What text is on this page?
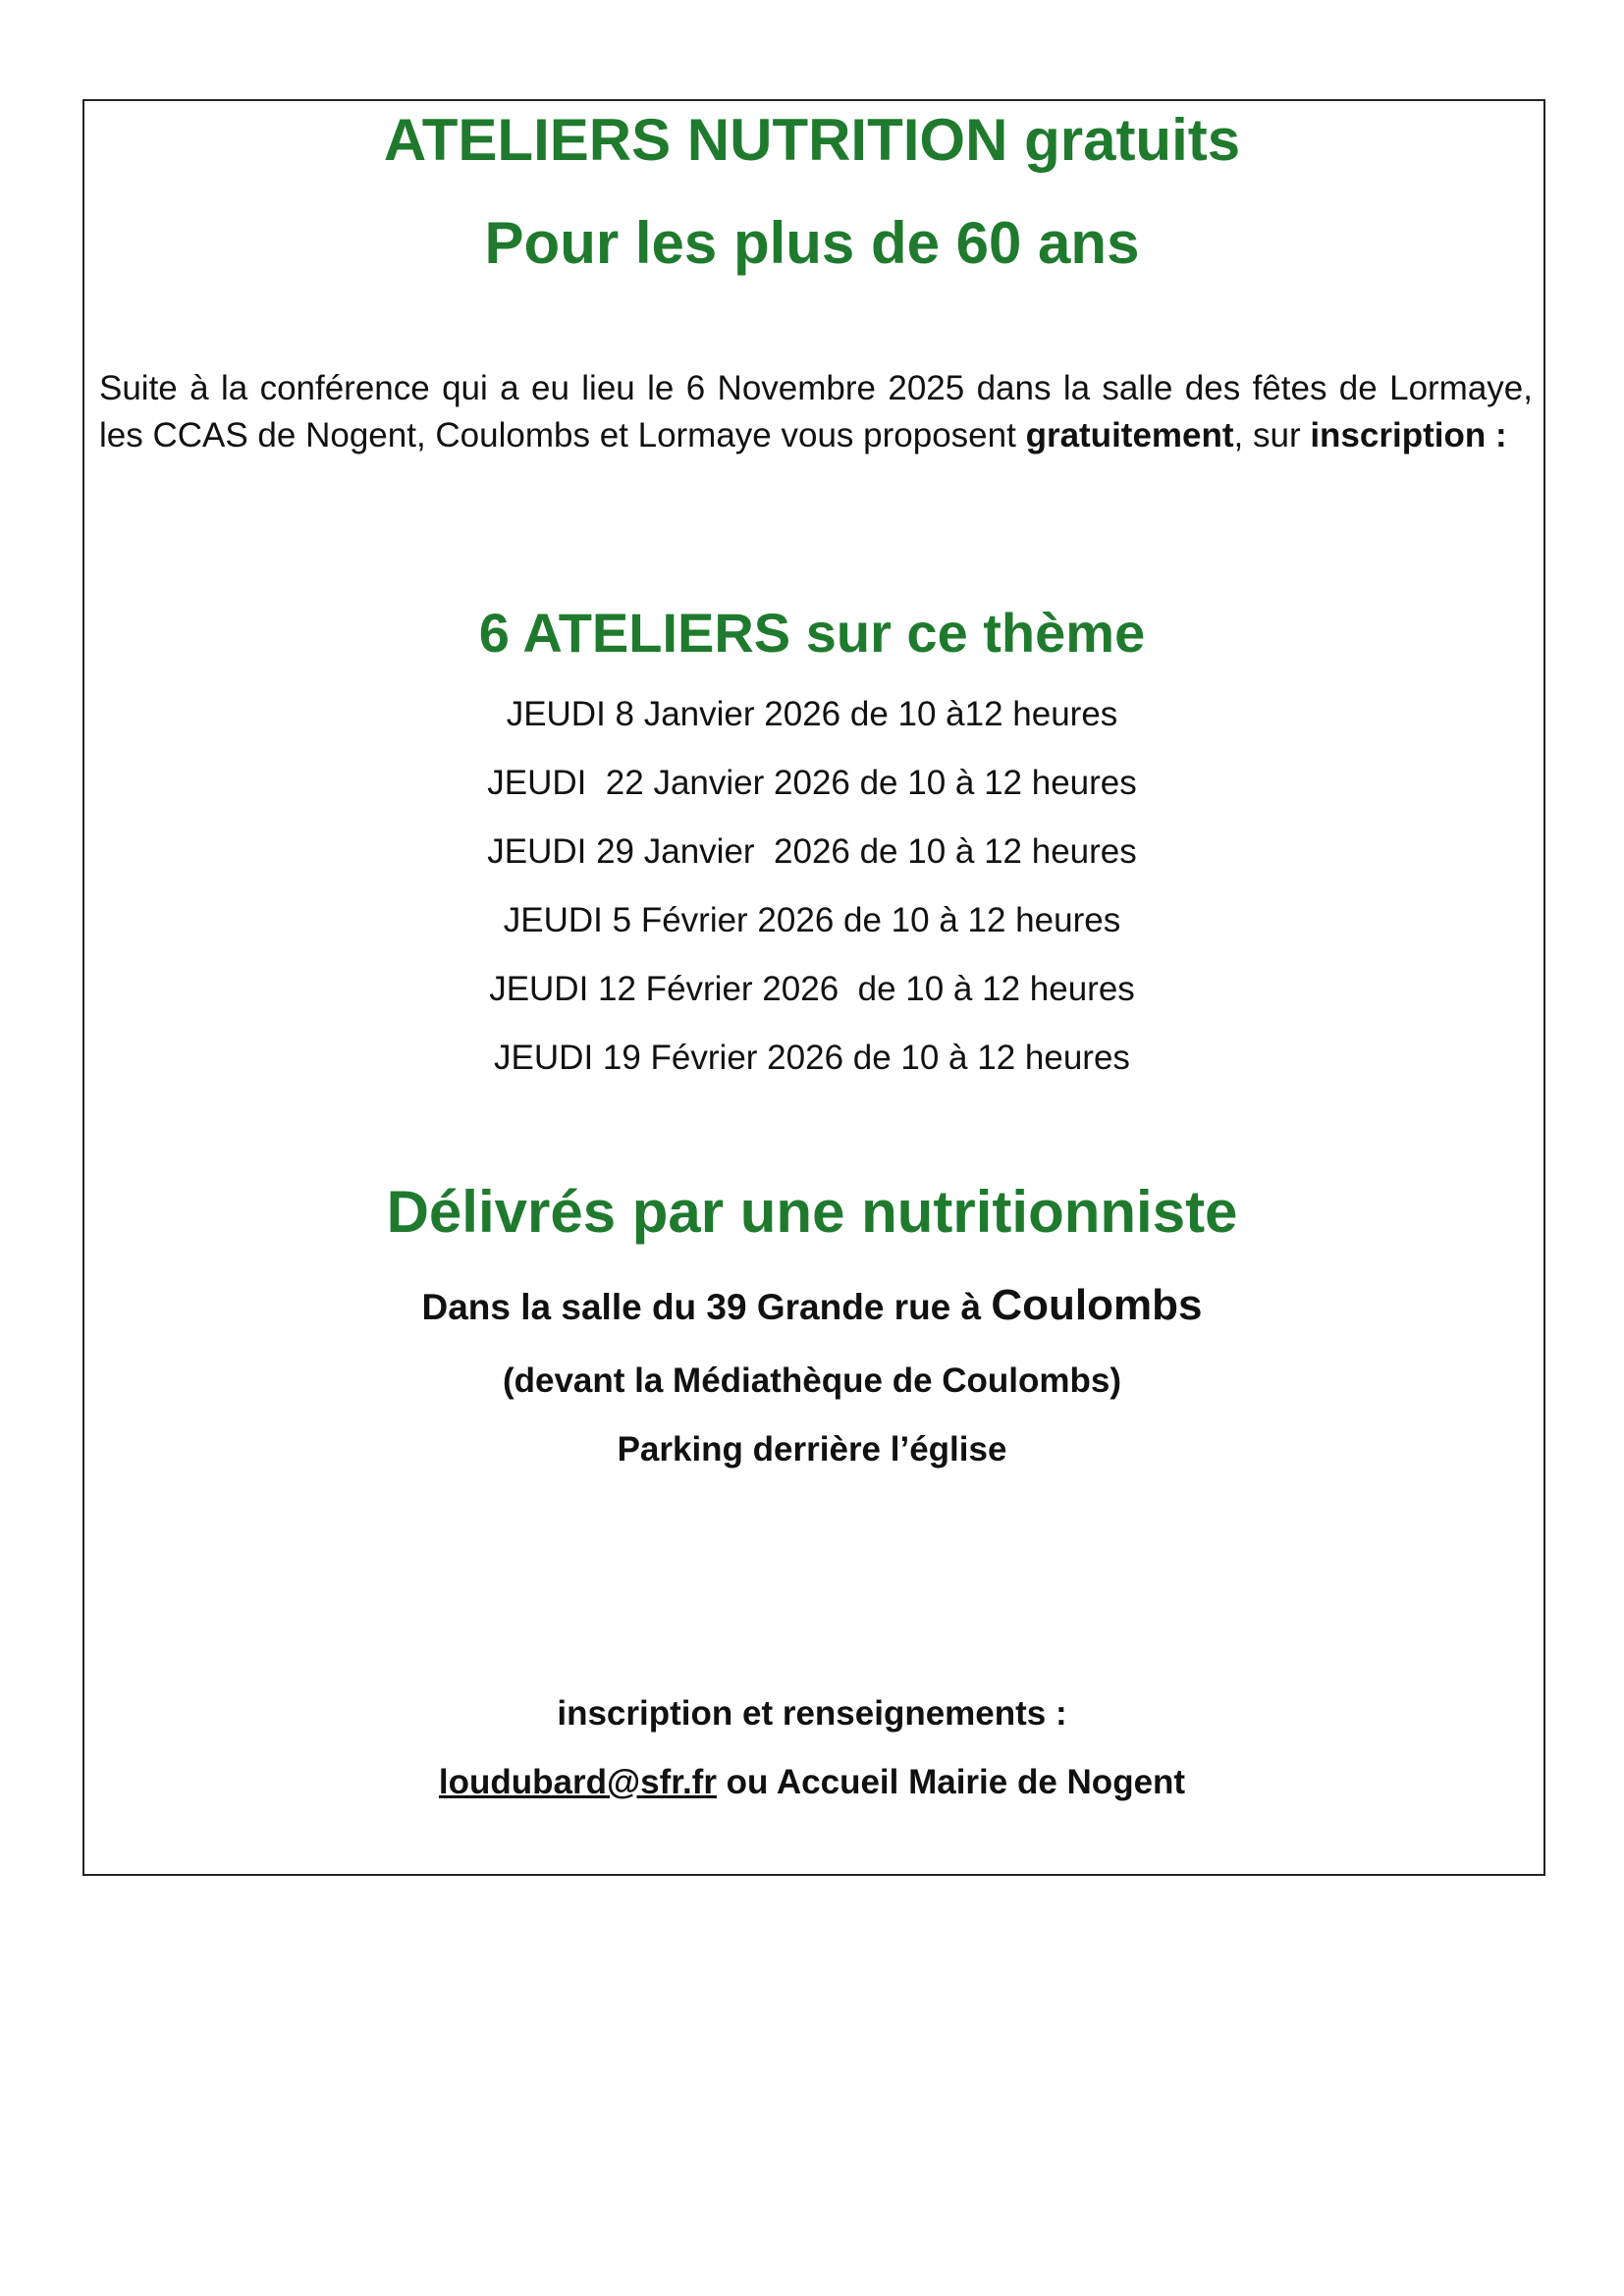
ATELIERS NUTRITION gratuits
Pour les plus de 60 ans
Suite à la conférence qui a eu lieu le 6 Novembre 2025 dans la salle des fêtes de Lormaye, les CCAS de Nogent, Coulombs et Lormaye vous proposent gratuitement, sur inscription :
6 ATELIERS sur ce thème
JEUDI 8 Janvier 2026 de 10 à12 heures
JEUDI  22 Janvier 2026 de 10 à 12 heures
JEUDI 29 Janvier  2026 de 10 à 12 heures
JEUDI 5 Février 2026 de 10 à 12 heures
JEUDI 12 Février 2026  de 10 à 12 heures
JEUDI 19 Février 2026 de 10 à 12 heures
Délivrés par une nutritionniste
Dans la salle du 39 Grande rue à Coulombs
(devant la Médiathèque de Coulombs)
Parking derrière l’église
inscription et renseignements :
loudubard@sfr.fr ou Accueil Mairie de Nogent
